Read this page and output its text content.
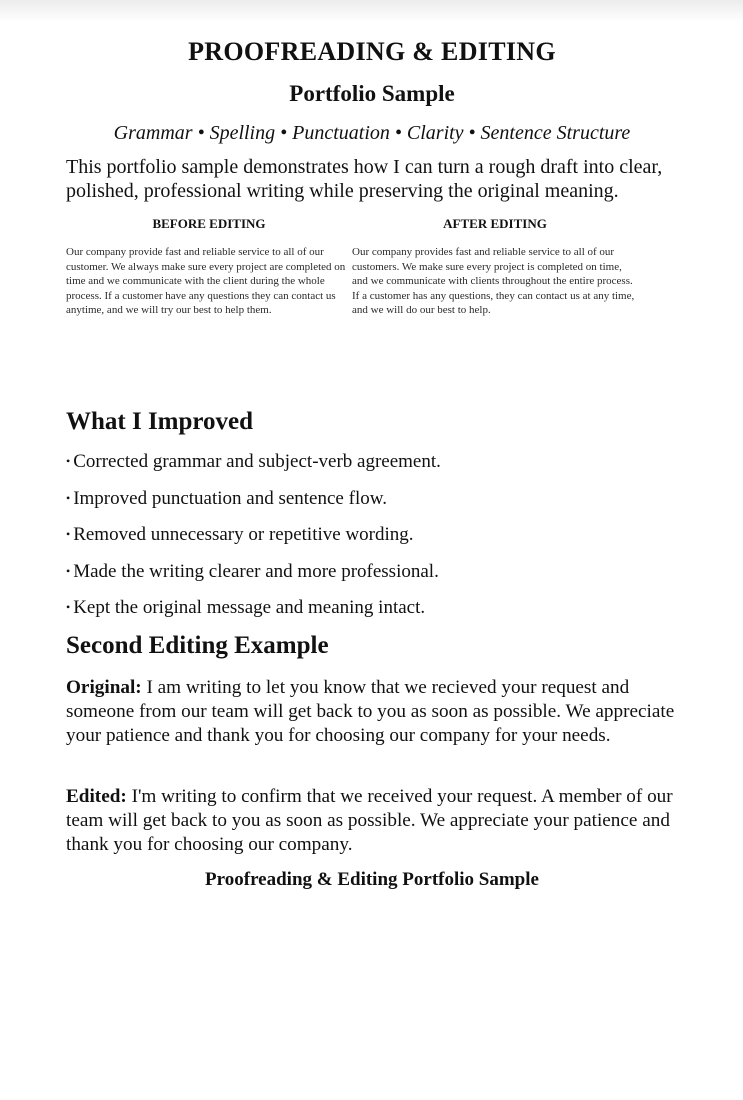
PROOFREADING & EDITING
Portfolio Sample
Grammar • Spelling • Punctuation • Clarity • Sentence Structure
This portfolio sample demonstrates how I can turn a rough draft into clear, polished, professional writing while preserving the original meaning.
BEFORE EDITING
Our company provide fast and reliable service to all of our customer. We always make sure every project are completed on time and we communicate with the client during the whole process. If a customer have any questions they can contact us anytime, and we will try our best to help them.
AFTER EDITING
Our company provides fast and reliable service to all of our customers. We make sure every project is completed on time, and we communicate with clients throughout the entire process. If a customer has any questions, they can contact us at any time, and we will do our best to help.
What I Improved
• Corrected grammar and subject-verb agreement.
• Improved punctuation and sentence flow.
• Removed unnecessary or repetitive wording.
• Made the writing clearer and more professional.
• Kept the original message and meaning intact.
Second Editing Example
Original: I am writing to let you know that we recieved your request and someone from our team will get back to you as soon as possible. We appreciate your patience and thank you for choosing our company for your needs.
Edited: I'm writing to confirm that we received your request. A member of our team will get back to you as soon as possible. We appreciate your patience and thank you for choosing our company.
Proofreading & Editing Portfolio Sample
